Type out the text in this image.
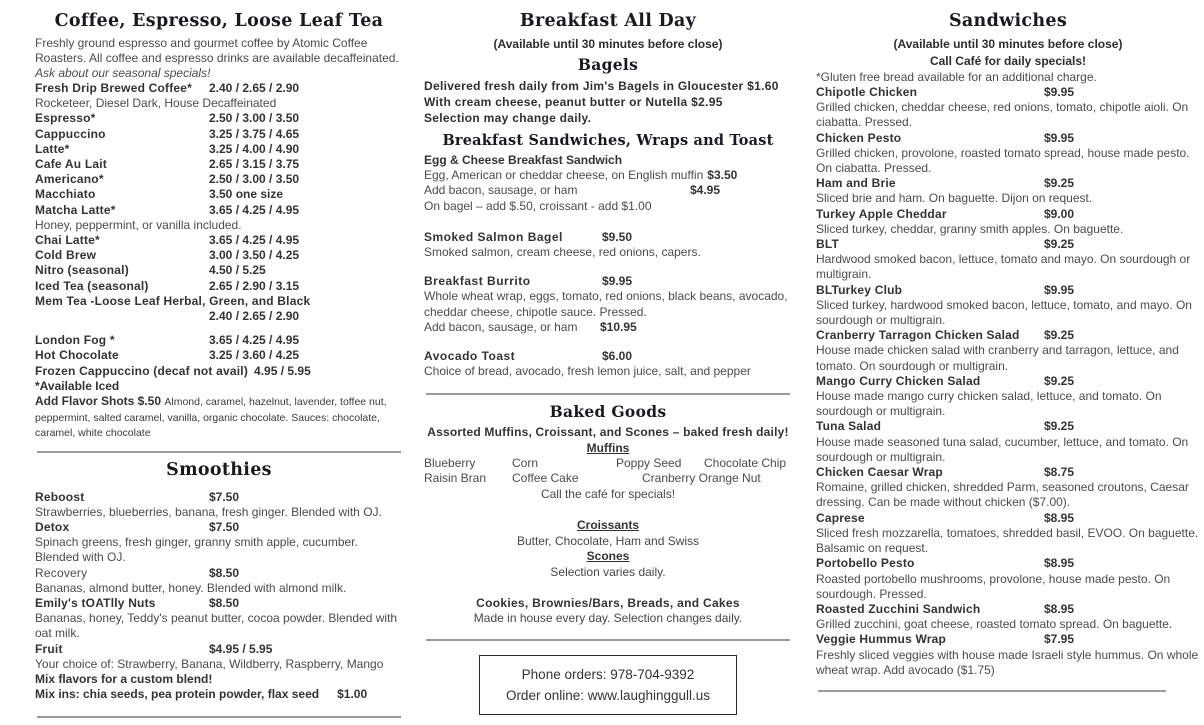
Coffee, Espresso, Loose Leaf Tea

Freshly ground espresso and gourmet coffee by Atomic Coffee Roasters. All coffee and espresso drinks are available decaffeinated.

Ask about our seasonal specials!

Fresh Drip Brewed Coffee*	2.40 / 2.65 / 2.90
Rocketeer, Diesel Dark, House Decaffeinated
Espresso*	2.50 / 3.00 / 3.50
Cappuccino	3.25 / 3.75 / 4.65
Latte*	3.25 / 4.00 / 4.90
Cafe Au Lait	2.65 / 3.15 / 3.75
Americano*	2.50 / 3.00 / 3.50
Macchiato	3.50 one size
Matcha Latte*	3.65 / 4.25 / 4.95
Honey, peppermint, or vanilla included.
Chai Latte*	3.65 / 4.25 / 4.95
Cold Brew	3.00 / 3.50 / 4.25
Nitro (seasonal)	4.50 / 5.25
Iced Tea (seasonal)	2.65 / 2.90 / 3.15
Mem Tea -Loose Leaf Herbal, Green, and Black
2.40 / 2.65 / 2.90
London Fog *	3.65 / 4.25 / 4.95
Hot Chocolate	3.25 / 3.60 / 4.25
Frozen Cappuccino (decaf not avail) 4.95 / 5.95

*Available Iced

Add Flavor Shots $.50 Almond, caramel, hazelnut, lavender, toffee nut, peppermint, salted caramel, vanilla, organic chocolate. Sauces: chocolate, caramel, white chocolate

Smoothies
Reboost	$7.50
Strawberries, blueberries, banana, fresh ginger. Blended with OJ.
Detox	$7.50
Spinach greens, fresh ginger, granny smith apple, cucumber. Blended with OJ.
Recovery	$8.50
Bananas, almond butter, honey. Blended with almond milk.
Emily's tOATlly Nuts	$8.50
Bananas, honey, Teddy's peanut butter, cocoa powder. Blended with oat milk.
Fruit	$4.95 / 5.95
Your choice of: Strawberry, Banana, Wildberry, Raspberry, Mango

Mix flavors for a custom blend!

Mix ins: chia seeds, pea protein powder, flax seed $1.00
Breakfast All Day
(Available until 30 minutes before close)
Bagels
Delivered fresh daily from Jim's Bagels in Gloucester $1.60
With cream cheese, peanut butter or Nutella $2.95
Selection may change daily.
Breakfast Sandwiches, Wraps and Toast
Egg & Cheese Breakfast Sandwich
Egg, American or cheddar cheese, on English muffin $3.50
Add bacon, sausage, or ham	$4.95
On bagel – add $.50, croissant - add $1.00
Smoked Salmon Bagel	$9.50
Smoked salmon, cream cheese, red onions, capers.
Breakfast Burrito	$9.95
Whole wheat wrap, eggs, tomato, red onions, black beans, avocado, cheddar cheese, chipotle sauce. Pressed.
Add bacon, sausage, or ham	$10.95
Avocado Toast	$6.00
Choice of bread, avocado, fresh lemon juice, salt, and pepper
Baked Goods
Assorted Muffins, Croissant, and Scones – baked fresh daily!
Muffins
Blueberry	Corn	Poppy Seed	Chocolate Chip
Raisin Bran	Coffee Cake	Cranberry Orange Nut
Call the café for specials!
Croissants
Butter, Chocolate, Ham and Swiss
Scones
Selection varies daily.
Cookies, Brownies/Bars, Breads, and Cakes
Made in house every day. Selection changes daily.
Phone orders: 978-704-9392
Order online: www.laughinggull.us
Sandwiches
(Available until 30 minutes before close)
Call Café for daily specials!

*Gluten free bread available for an additional charge.

Chipotle Chicken	$9.95
Grilled chicken, cheddar cheese, red onions, tomato, chipotle aioli. On ciabatta. Pressed.
Chicken Pesto	$9.95
Grilled chicken, provolone, roasted tomato spread, house made pesto. On ciabatta. Pressed.
Ham and Brie	$9.25
Sliced brie and ham. On baguette. Dijon on request.
Turkey Apple Cheddar	$9.00
Sliced turkey, cheddar, granny smith apples. On baguette.
BLT	$9.25
Hardwood smoked bacon, lettuce, tomato and mayo. On sourdough or multigrain.
BLTurkey Club	$9.95
Sliced turkey, hardwood smoked bacon, lettuce, tomato, and mayo. On sourdough or multigrain.
Cranberry Tarragon Chicken Salad	$9.25
House made chicken salad with cranberry and tarragon, lettuce, and tomato. On sourdough or multigrain.
Mango Curry Chicken Salad	$9.25
House made mango curry chicken salad, lettuce, and tomato. On sourdough or multigrain.
Tuna Salad	$9.25
House made seasoned tuna salad, cucumber, lettuce, and tomato. On sourdough or multigrain.
Chicken Caesar Wrap	$8.75
Romaine, grilled chicken, shredded Parm, seasoned croutons, Caesar dressing. Can be made without chicken ($7.00).
Caprese	$8.95
Sliced fresh mozzarella, tomatoes, shredded basil, EVOO. On baguette. Balsamic on request.
Portobello Pesto	$8.95
Roasted portobello mushrooms, provolone, house made pesto. On sourdough. Pressed.
Roasted Zucchini Sandwich	$8.95
Grilled zucchini, goat cheese, roasted tomato spread. On baguette.
Veggie Hummus Wrap	$7.95
Freshly sliced veggies with house made Israeli style hummus. On whole wheat wrap. Add avocado ($1.75)
